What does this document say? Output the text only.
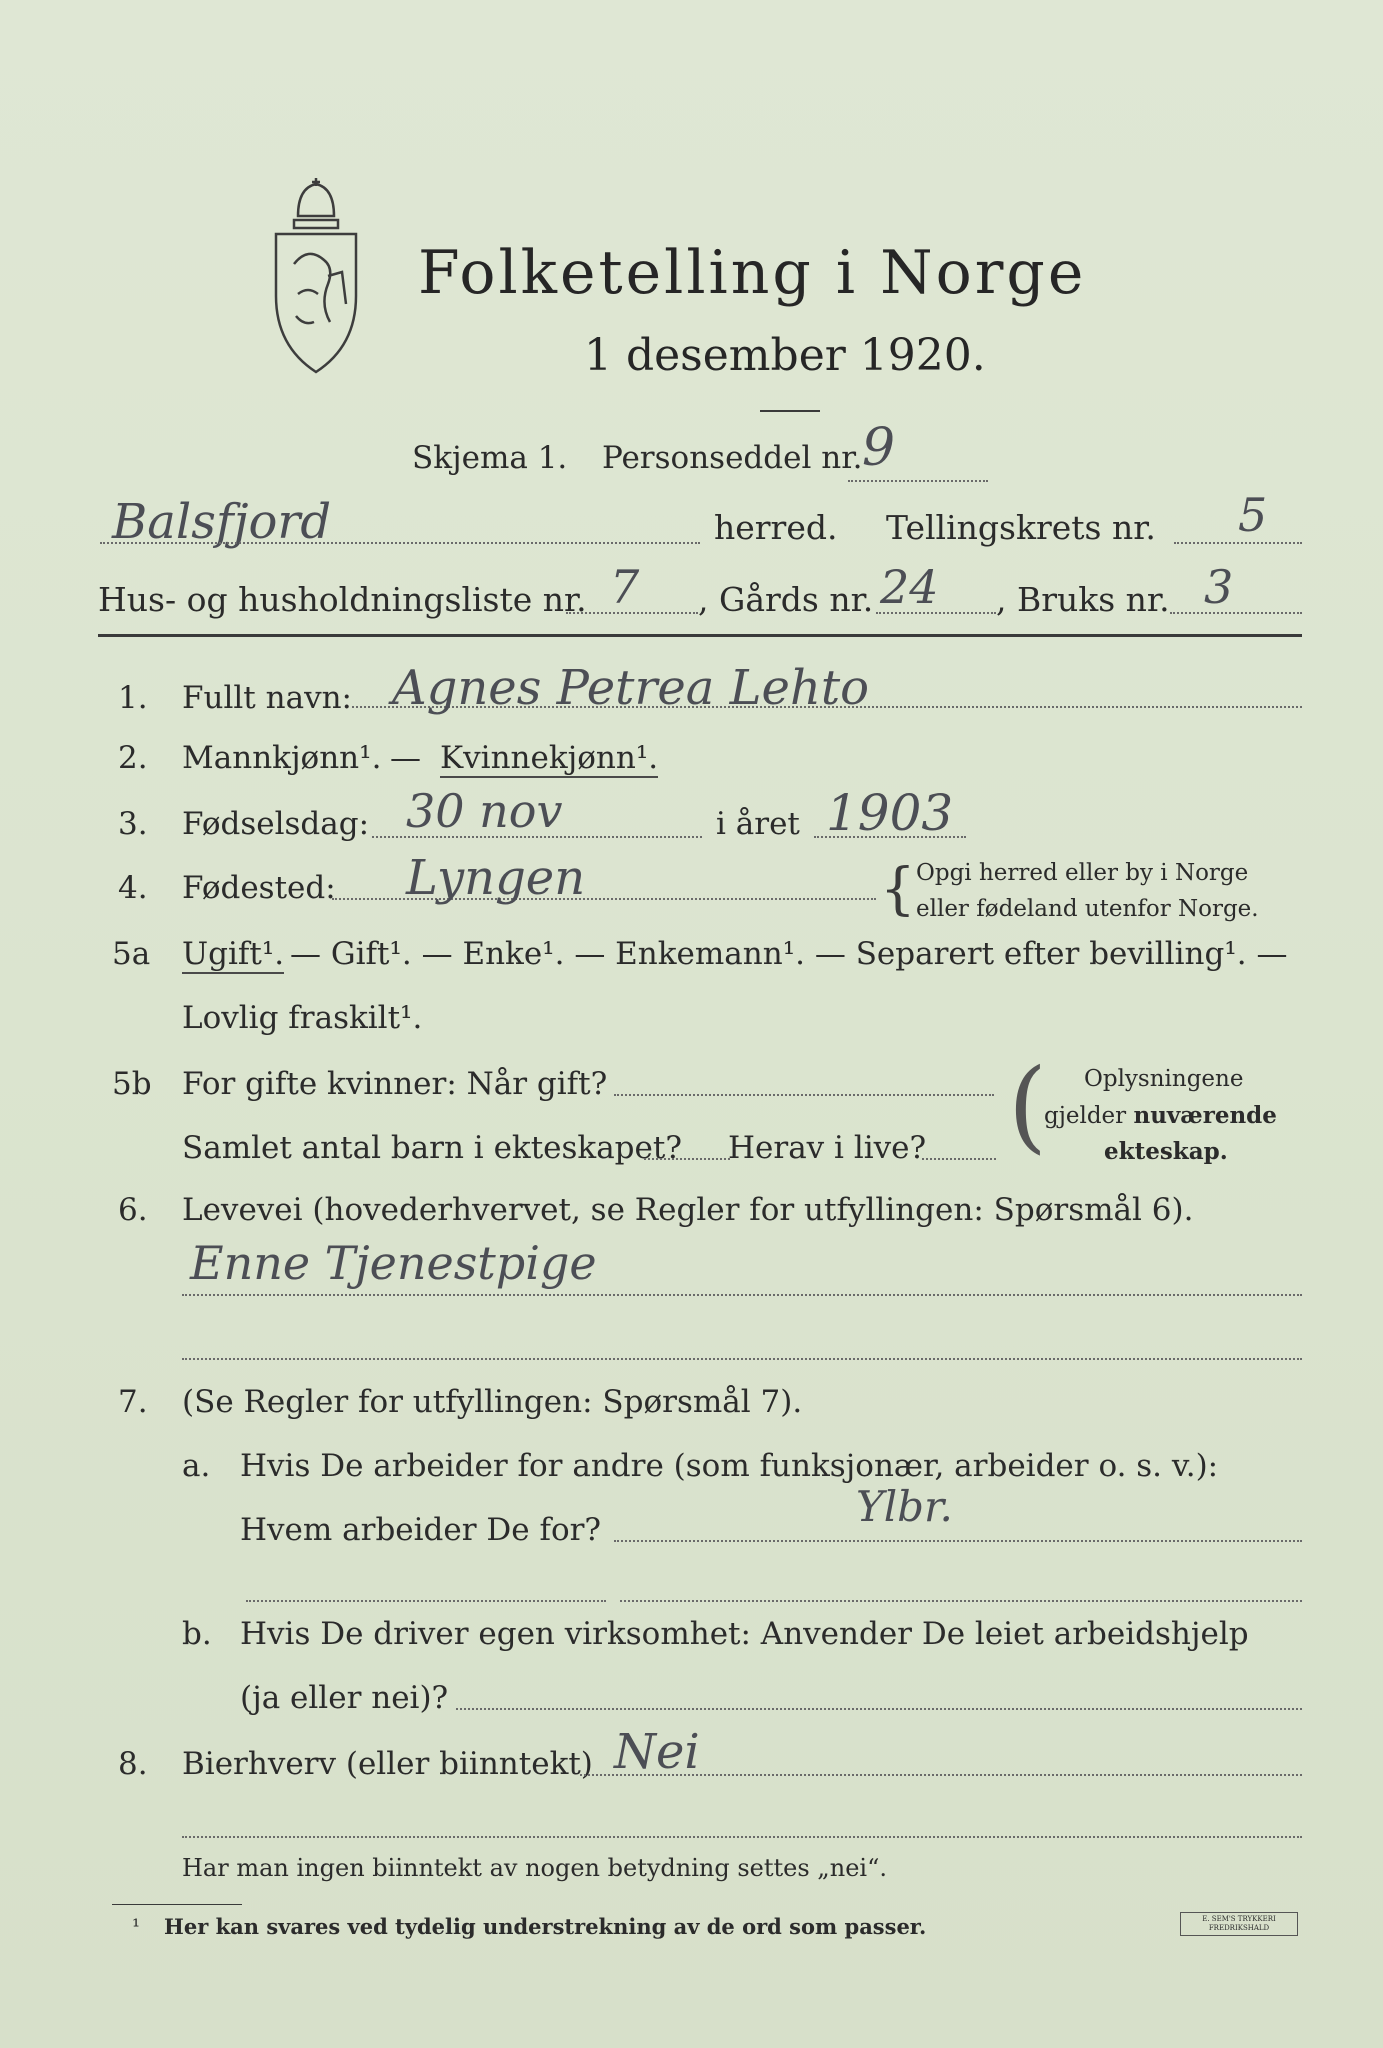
Folketelling i Norge
1 desember 1920.
Skjema 1. Personseddel nr. 9
Balsfjord	herred. Tellingskrets nr. 5
Hus- og husholdningsliste nr. 7 , Gårds nr. 24 , Bruks nr. 3
1. Fullt navn: Agnes Petrea Lehto
2. Mannkjønn¹. — Kvinnekjønn¹.
3. Fødselsdag: 30 nov	i året 1903
4. Fødested: Lyngen	{ Opgi herred eller by i Norge
eller fødeland utenfor Norge.
5a Ugift¹. — Gift¹. — Enke¹. — Enkemann¹. — Separert efter bevilling¹. —
Lovlig fraskilt¹.
5b For gifte kvinner: Når gift?
Samlet antal barn i ekteskapet? Herav i live? ( Oplysningene
gjelder nuværende
ekteskap.
6. Levevei (hovederhvervet, se Regler for utfyllingen: Spørsmål 6).
Enne Tjenestpige
7. (Se Regler for utfyllingen: Spørsmål 7).
a. Hvis De arbeider for andre (som funksjonær, arbeider o. s. v.):
Hvem arbeider De for?	Ylbr.
b. Hvis De driver egen virksomhet: Anvender De leiet arbeidshjelp
(ja eller nei)?
8. Bierhverv (eller biinntekt) Nei
Har man ingen biinntekt av nogen betydning settes „nei“.
¹ Her kan svares ved tydelig understrekning av de ord som passer.	E. SEM'S TRYKKERI FREDRIKSHALD
